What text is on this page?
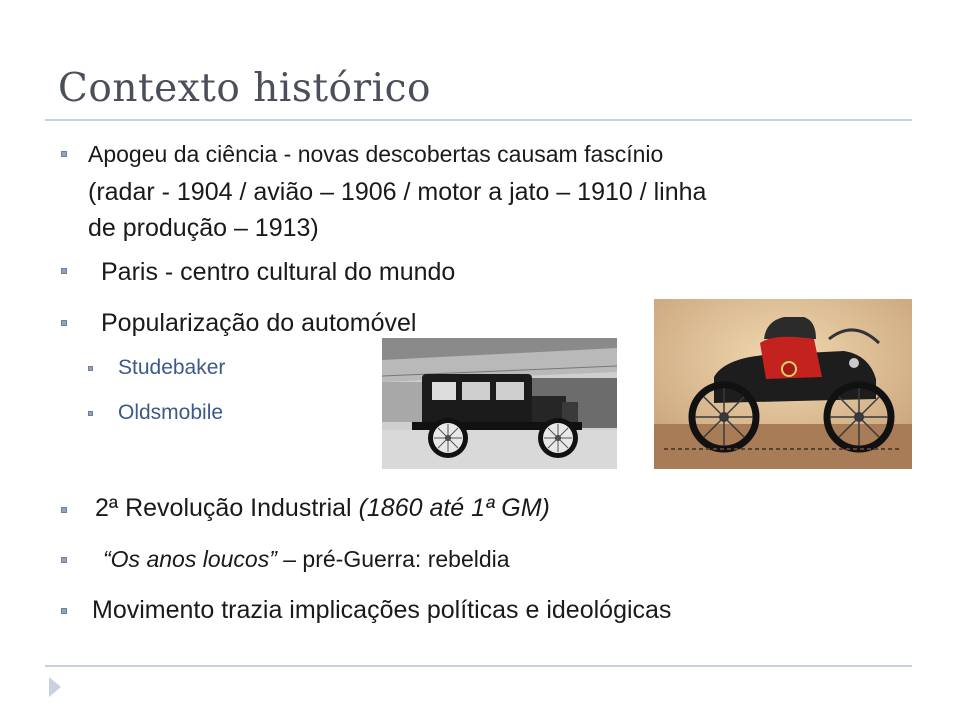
Contexto histórico
Apogeu da ciência - novas descobertas causam fascínio
(radar - 1904 / avião – 1906 / motor a jato – 1910 / linha
de produção – 1913)
Paris - centro cultural do mundo
Popularização do automóvel
Studebaker
Oldsmobile
2ª Revolução Industrial (1860 até 1ª GM)
“Os anos loucos” – pré-Guerra: rebeldia
Movimento trazia implicações políticas e ideológicas
